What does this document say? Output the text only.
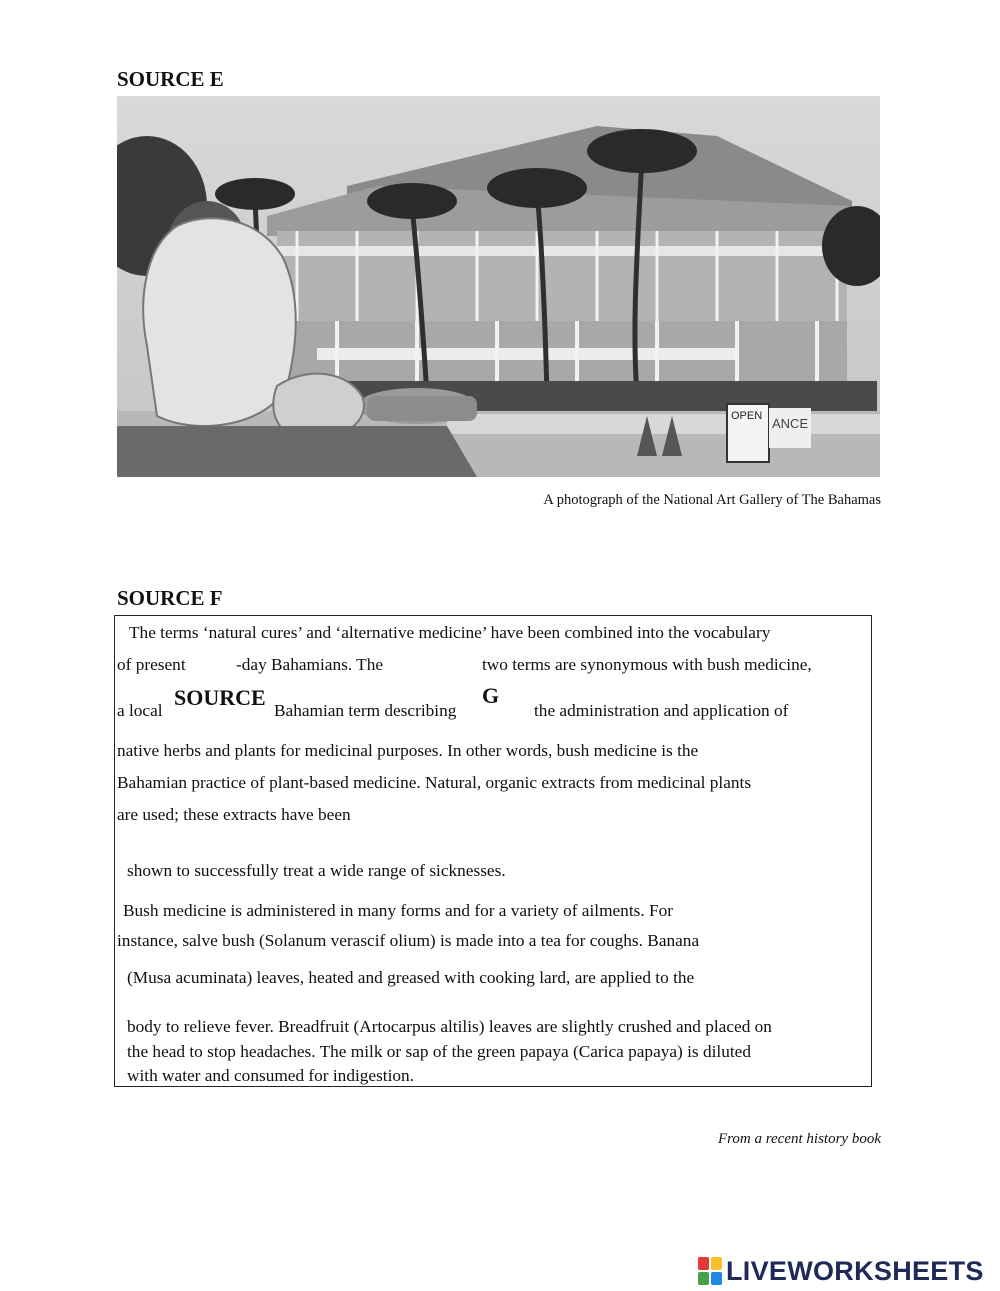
SOURCE E
OPEN ANCE
A photograph of the National Art Gallery of The Bahamas
SOURCE F
The terms ‘natural cures’ and ‘alternative medicine’ have been combined into the vocabulary
of present	-day Bahamians. The	two terms are synonymous with bush medicine,
a local
SOURCE
Bahamian term describing
G
the administration and application of
native herbs and plants for medicinal purposes. In other words, bush medicine is the
Bahamian practice of plant-based medicine. Natural, organic extracts from medicinal plants
are used; these extracts have been
shown to successfully treat a wide range of sicknesses.
Bush medicine is administered in many forms and for a variety of ailments. For
instance, salve bush (Solanum verascif olium) is made into a tea for coughs. Banana
(Musa acuminata) leaves, heated and greased with cooking lard, are applied to the
body to relieve fever. Breadfruit (Artocarpus altilis) leaves are slightly crushed and placed on
the head to stop headaches. The milk or sap of the green papaya (Carica papaya) is diluted
with water and consumed for indigestion.
From a recent history book
LIVEWORKSHEETS
